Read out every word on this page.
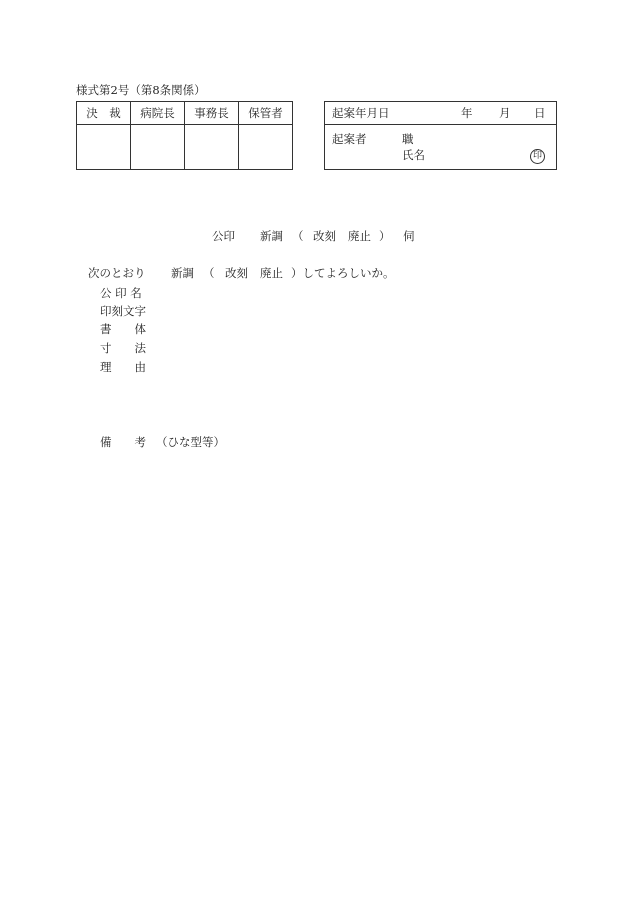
様式第2号（第8条関係）
決　裁	病院長	事務長	保管者
				起案年月日	年 月 日
起案者	職
氏名	印
公印 新調 （ 改刻 廃止 ） 伺
次のとおり 新調 （ 改刻 廃止 ）してよろしいか。
公 印 名
印刻文字
書　　体
寸　　法
理　　由
備　　考 （ひな型等）
